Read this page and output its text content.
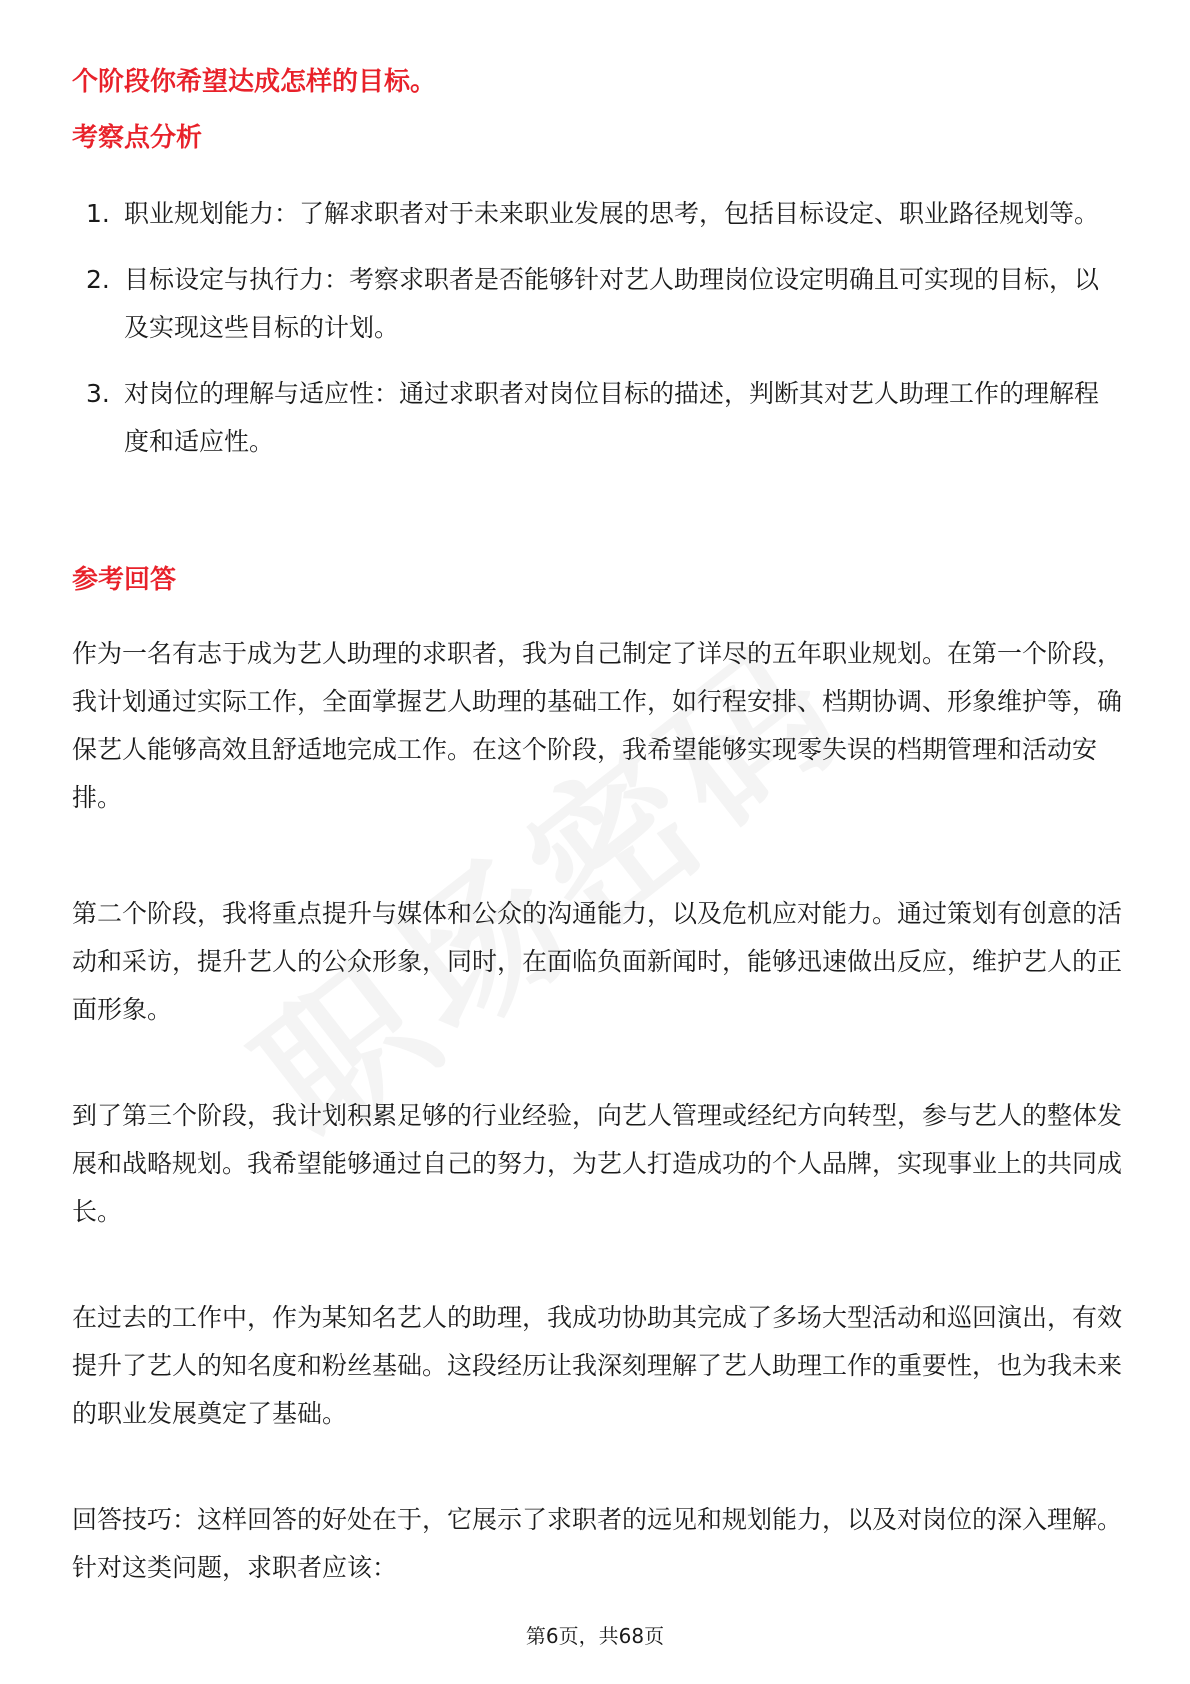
个阶段你希望达成怎样的目标。
考察点分析
1. 职业规划能力：了解求职者对于未来职业发展的思考，包括目标设定、职业路径规划等。
2. 目标设定与执行力：考察求职者是否能够针对艺人助理岗位设定明确且可实现的目标，以及实现这些目标的计划。
3. 对岗位的理解与适应性：通过求职者对岗位目标的描述，判断其对艺人助理工作的理解程度和适应性。
参考回答

作为一名有志于成为艺人助理的求职者，我为自己制定了详尽的五年职业规划。在第一个阶段，我计划通过实际工作，全面掌握艺人助理的基础工作，如行程安排、档期协调、形象维护等，确保艺人能够高效且舒适地完成工作。在这个阶段，我希望能够实现零失误的档期管理和活动安排。

第二个阶段，我将重点提升与媒体和公众的沟通能力，以及危机应对能力。通过策划有创意的活动和采访，提升艺人的公众形象，同时，在面临负面新闻时，能够迅速做出反应，维护艺人的正面形象。

到了第三个阶段，我计划积累足够的行业经验，向艺人管理或经纪方向转型，参与艺人的整体发展和战略规划。我希望能够通过自己的努力，为艺人打造成功的个人品牌，实现事业上的共同成长。

在过去的工作中，作为某知名艺人的助理，我成功协助其完成了多场大型活动和巡回演出，有效提升了艺人的知名度和粉丝基础。这段经历让我深刻理解了艺人助理工作的重要性，也为我未来的职业发展奠定了基础。

回答技巧：这样回答的好处在于，它展示了求职者的远见和规划能力，以及对岗位的深入理解。针对这类问题，求职者应该：

第6页，共68页
